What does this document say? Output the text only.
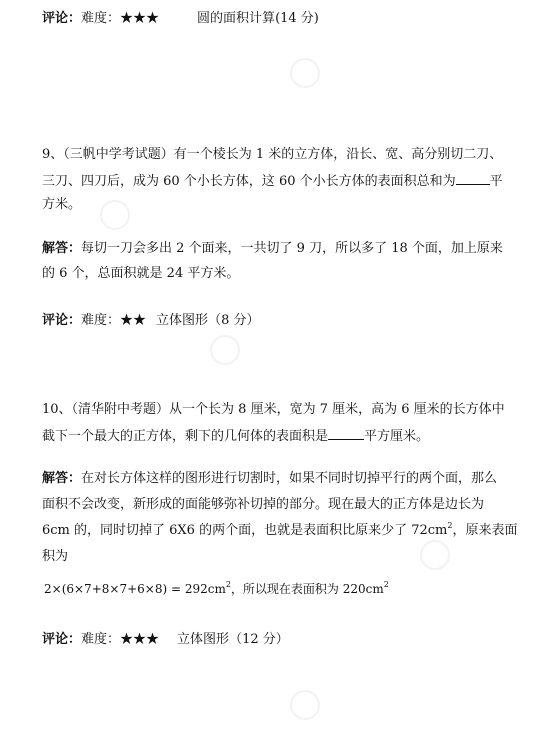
评论：难度：★★★	圆的面积计算(14 分)
9、（三帆中学考试题）有一个棱长为 1 米的立方体，沿长、宽、高分别切二刀、
三刀、四刀后，成为 60 个小长方体，这 60 个小长方体的表面积总和为	平
方米。
解答：每切一刀会多出 2 个面来，一共切了 9 刀，所以多了 18 个面，加上原来
的 6 个，总面积就是 24 平方米。
评论：难度：★★ 立体图形（8 分）
10、（清华附中考题）从一个长为 8 厘米，宽为 7 厘米，高为 6 厘米的长方体中
截下一个最大的正方体，剩下的几何体的表面积是	平方厘米。
解答：在对长方体这样的图形进行切割时，如果不同时切掉平行的两个面，那么
面积不会改变，新形成的面能够弥补切掉的部分。现在最大的正方体是边长为
6cm 的，同时切掉了 6X6 的两个面，也就是表面积比原来少了 $72cm^2$，原来表面
积为
$2\times(6\times 7+8\times 7+6\times 8) = 292cm^2$，所以现在表面积为 $220cm^2$
评论：难度：★★★ 立体图形（12 分）
